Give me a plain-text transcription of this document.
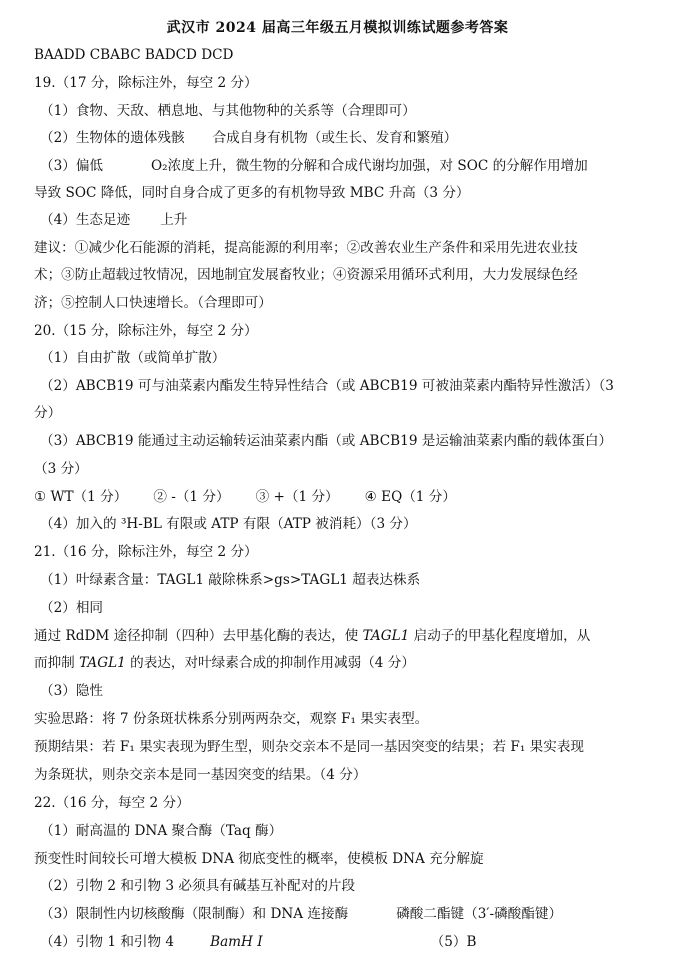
武汉市 2024 届高三年级五月模拟训练试题参考答案
BAADD CBABC BADCD DCD
19.（17 分，除标注外，每空 2 分）
（1）食物、天敌、栖息地、与其他物种的关系等（合理即可）
（2）生物体的遗体残骸 合成自身有机物（或生长、发育和繁殖）
（3）偏低	O₂浓度上升，微生物的分解和合成代谢均加强，对 SOC 的分解作用增加
导致 SOC 降低，同时自身合成了更多的有机物导致 MBC 升高（3 分）
（4）生态足迹 上升
建议：①减少化石能源的消耗，提高能源的利用率；②改善农业生产条件和采用先进农业技
术；③防止超载过牧情况，因地制宜发展畜牧业；④资源采用循环式利用，大力发展绿色经
济；⑤控制人口快速增长。（合理即可）
20.（15 分，除标注外，每空 2 分）
（1）自由扩散（或简单扩散）
（2）ABCB19 可与油菜素内酯发生特异性结合（或 ABCB19 可被油菜素内酯特异性激活）（3
分）
（3）ABCB19 能通过主动运输转运油菜素内酯（或 ABCB19 是运输油菜素内酯的载体蛋白）
（3 分）
① WT（1 分） ② -（1 分） ③ +（1 分） ④ EQ（1 分）
（4）加入的 ³H-BL 有限或 ATP 有限（ATP 被消耗）（3 分）
21.（16 分，除标注外，每空 2 分）
（1）叶绿素含量：TAGL1 敲除株系>gs>TAGL1 超表达株系
（2）相同
通过 RdDM 途径抑制（四种）去甲基化酶的表达，使 TAGL1 启动子的甲基化程度增加，从
而抑制 TAGL1 的表达，对叶绿素合成的抑制作用减弱（4 分）
（3）隐性
实验思路：将 7 份条斑状株系分别两两杂交，观察 F₁ 果实表型。
预期结果：若 F₁ 果实表现为野生型，则杂交亲本不是同一基因突变的结果；若 F₁ 果实表现
为条斑状，则杂交亲本是同一基因突变的结果。（4 分）
22.（16 分，每空 2 分）
（1）耐高温的 DNA 聚合酶（Taq 酶）
预变性时间较长可增大模板 DNA 彻底变性的概率，使模板 DNA 充分解旋
（2）引物 2 和引物 3 必须具有碱基互补配对的片段
（3）限制性内切核酸酶（限制酶）和 DNA 连接酶	磷酸二酯键（3′-磷酸酯键）
（4）引物 1 和引物 4	BamH I	（5）B
